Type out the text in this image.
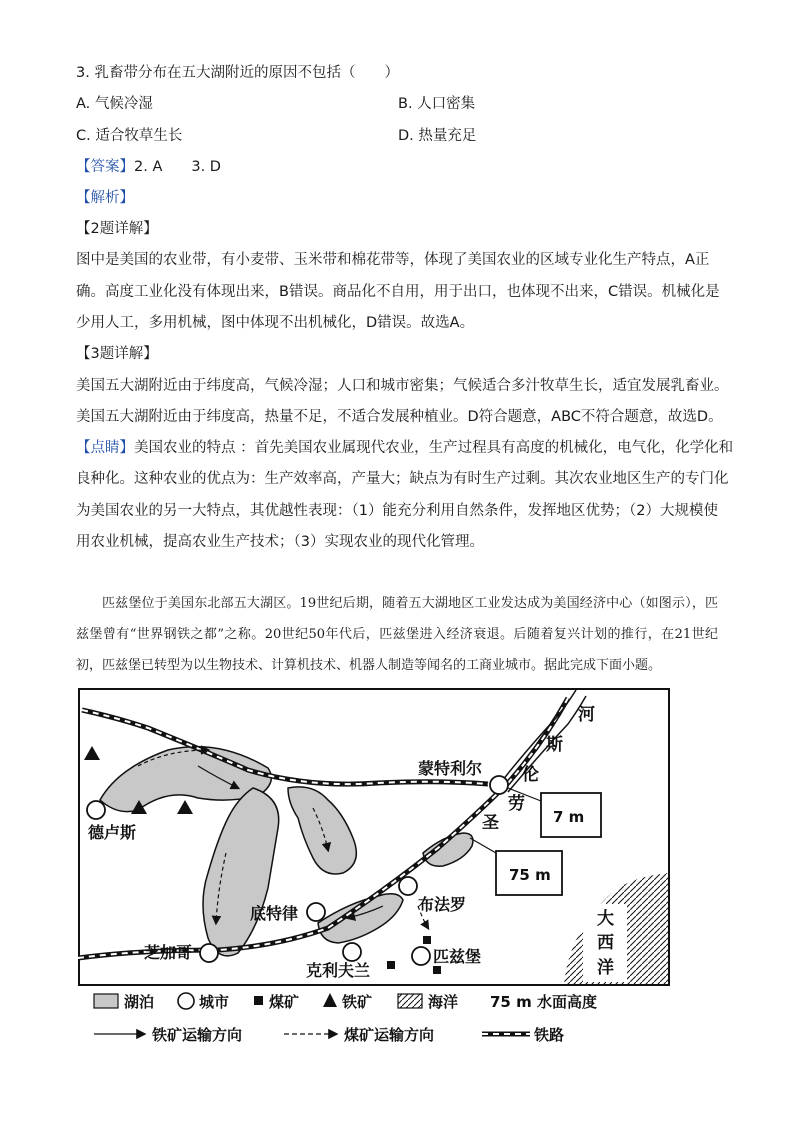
3. 乳畜带分布在五大湖附近的原因不包括（　　）
A. 气候冷湿	B. 人口密集
C. 适合牧草生长	D. 热量充足
【答案】2. A　　3. D
【解析】
【2题详解】
图中是美国的农业带，有小麦带、玉米带和棉花带等，体现了美国农业的区域专业化生产特点，A正
确。高度工业化没有体现出来，B错误。商品化不自用，用于出口，也体现不出来，C错误。机械化是
少用人工，多用机械，图中体现不出机械化，D错误。故选A。
【3题详解】
美国五大湖附近由于纬度高，气候冷湿；人口和城市密集；气候适合多汁牧草生长，适宜发展乳畜业。
美国五大湖附近由于纬度高，热量不足，不适合发展种植业。D符合题意，ABC不符合题意，故选D。
【点睛】美国农业的特点 ：首先美国农业属现代农业，生产过程具有高度的机械化，电气化，化学化和
良种化。这种农业的优点为：生产效率高，产量大；缺点为有时生产过剩。其次农业地区生产的专门化
为美国农业的另一大特点，其优越性表现：（1）能充分利用自然条件，发挥地区优势；（2）大规模使
用农业机械，提高农业生产技术；（3）实现农业的现代化管理。

匹兹堡位于美国东北部五大湖区。19世纪后期，随着五大湖地区工业发达成为美国经济中心（如图示），匹兹堡曾有“世界钢铁之都”之称。20世纪50年代后，匹兹堡进入经济衰退。后随着复兴计划的推行，在21世纪初，匹兹堡已转型为以生物技术、计算机技术、机器人制造等闻名的工商业城市。据此完成下面小题。

德卢斯
芝加哥
底特律
克利夫兰
布法罗
匹兹堡
蒙特利尔
河
斯
伦
劳
圣
大
西
洋
7 m
75 m
湖泊	城市	煤矿	铁矿	海洋 75 m 水面高度
铁矿运输方向	煤矿运输方向	铁路
